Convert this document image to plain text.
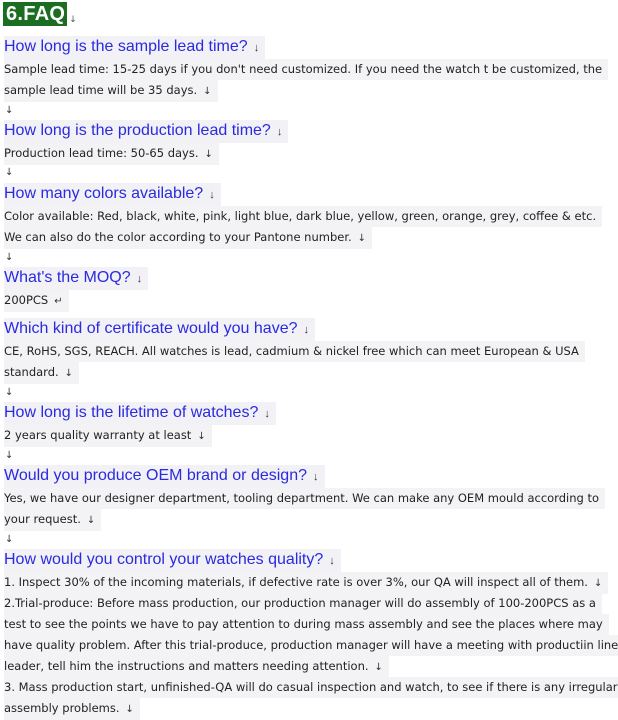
6.FAQ ↓
How long is the sample lead time? ↓
Sample lead time: 15-25 days if you don't need customized. If you need the watch t be customized, the
sample lead time will be 35 days. ↓
↓
How long is the production lead time? ↓
Production lead time: 50-65 days. ↓
↓
How many colors available? ↓
Color available: Red, black, white, pink, light blue, dark blue, yellow, green, orange, grey, coffee & etc.
We can also do the color according to your Pantone number. ↓
↓
What's the MOQ? ↓
200PCS ↵
Which kind of certificate would you have? ↓
CE, RoHS, SGS, REACH. All watches is lead, cadmium & nickel free which can meet European & USA
standard. ↓
↓
How long is the lifetime of watches? ↓
2 years quality warranty at least ↓
↓
Would you produce OEM brand or design? ↓
Yes, we have our designer department, tooling department. We can make any OEM mould according to
your request. ↓
↓
How would you control your watches quality? ↓
1. Inspect 30% of the incoming materials, if defective rate is over 3%, our QA will inspect all of them. ↓
2.Trial-produce: Before mass production, our production manager will do assembly of 100-200PCS as a
test to see the points we have to pay attention to during mass assembly and see the places where may
have quality problem. After this trial-produce, production manager will have a meeting with productiin line
leader, tell him the instructions and matters needing attention. ↓
3. Mass production start, unfinished-QA will do casual inspection and watch, to see if there is any irregular
assembly problems. ↓
